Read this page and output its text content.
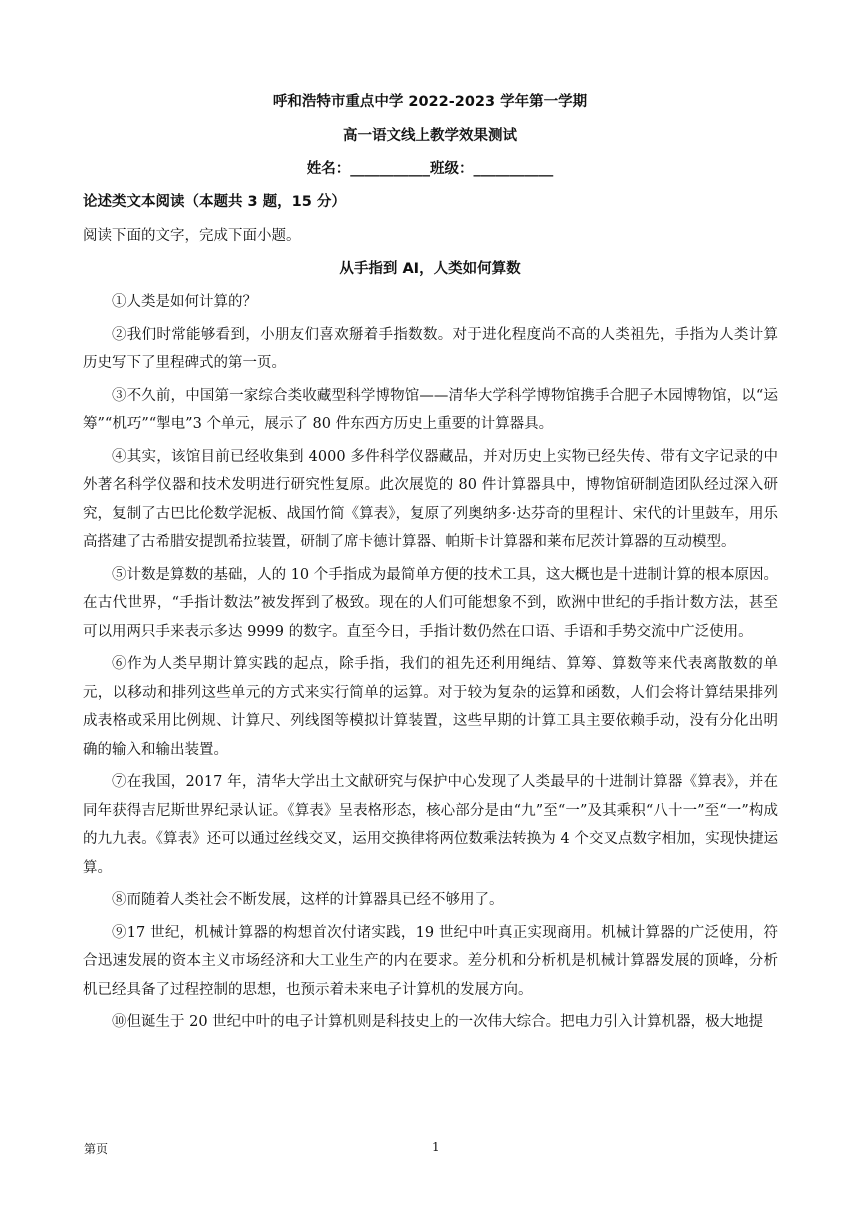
呼和浩特市重点中学 2022-2023 学年第一学期
高一语文线上教学效果测试
姓名：___________班级：___________
论述类文本阅读（本题共 3 题，15 分）
阅读下面的文字，完成下面小题。
从手指到 AI，人类如何算数

①人类是如何计算的？

②我们时常能够看到，小朋友们喜欢掰着手指数数。对于进化程度尚不高的人类祖先，手指为人类计算历史写下了里程碑式的第一页。

③不久前，中国第一家综合类收藏型科学博物馆——清华大学科学博物馆携手合肥子木园博物馆，以“运筹”“机巧”“掣电”3 个单元，展示了 80 件东西方历史上重要的计算器具。

④其实，该馆目前已经收集到 4000 多件科学仪器藏品，并对历史上实物已经失传、带有文字记录的中外著名科学仪器和技术发明进行研究性复原。此次展览的 80 件计算器具中，博物馆研制造团队经过深入研究，复制了古巴比伦数学泥板、战国竹简《算表》，复原了列奥纳多·达芬奇的里程计、宋代的计里鼓车，用乐高搭建了古希腊安提凯希拉装置，研制了席卡德计算器、帕斯卡计算器和莱布尼茨计算器的互动模型。

⑤计数是算数的基础，人的 10 个手指成为最简单方便的技术工具，这大概也是十进制计算的根本原因。在古代世界，“手指计数法”被发挥到了极致。现在的人们可能想象不到，欧洲中世纪的手指计数方法，甚至可以用两只手来表示多达 9999 的数字。直至今日，手指计数仍然在口语、手语和手势交流中广泛使用。

⑥作为人类早期计算实践的起点，除手指，我们的祖先还利用绳结、算筹、算数等来代表离散数的单元，以移动和排列这些单元的方式来实行简单的运算。对于较为复杂的运算和函数，人们会将计算结果排列成表格或采用比例规、计算尺、列线图等模拟计算装置，这些早期的计算工具主要依赖手动，没有分化出明确的输入和输出装置。

⑦在我国，2017 年，清华大学出土文献研究与保护中心发现了人类最早的十进制计算器《算表》，并在同年获得吉尼斯世界纪录认证。《算表》呈表格形态，核心部分是由“九”至“一”及其乘积“八十一”至“一”构成的九九表。《算表》还可以通过丝线交叉，运用交换律将两位数乘法转换为 4 个交叉点数字相加，实现快捷运算。

⑧而随着人类社会不断发展，这样的计算器具已经不够用了。

⑨17 世纪，机械计算器的构想首次付诸实践，19 世纪中叶真正实现商用。机械计算器的广泛使用，符合迅速发展的资本主义市场经济和大工业生产的内在要求。差分机和分析机是机械计算器发展的顶峰，分析机已经具备了过程控制的思想，也预示着未来电子计算机的发展方向。

⑩但诞生于 20 世纪中叶的电子计算机则是科技史上的一次伟大综合。把电力引入计算机器，极大地提

第页	1
